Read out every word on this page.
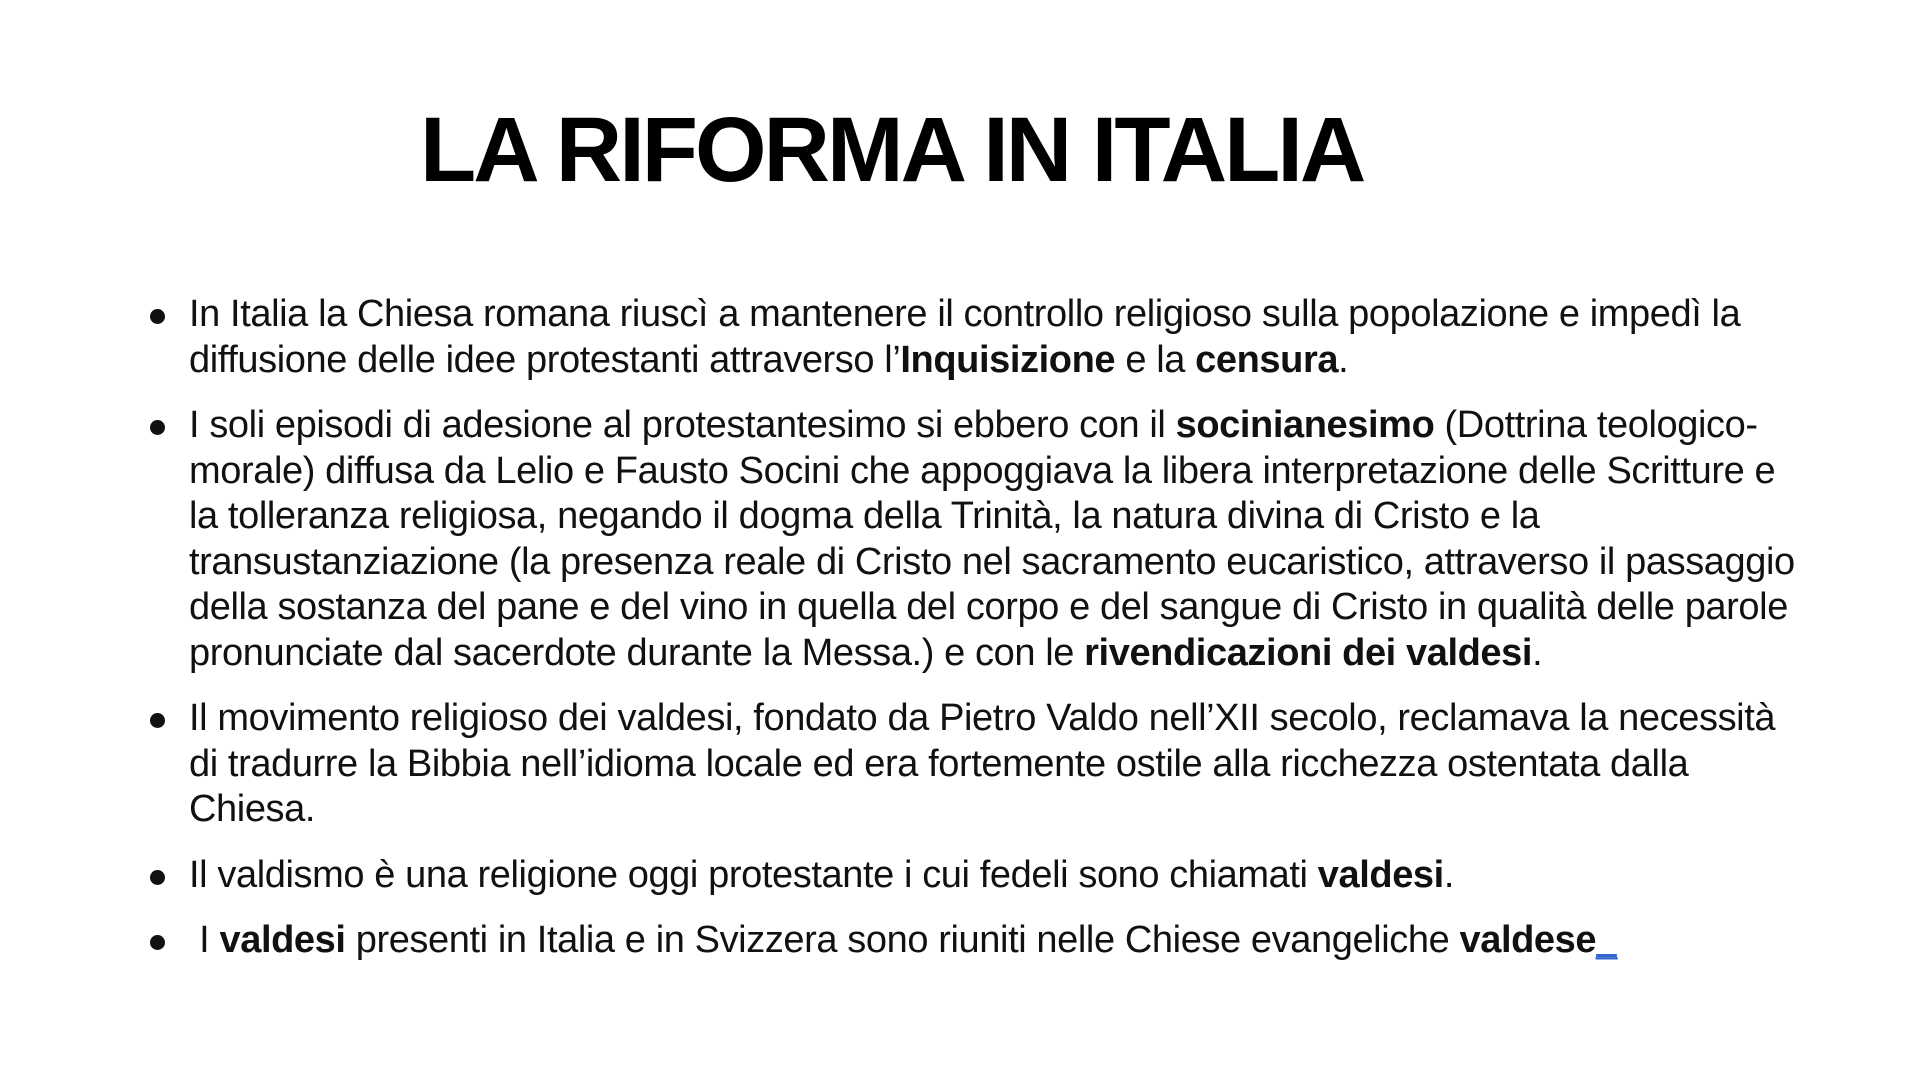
LA RIFORMA IN ITALIA
In Italia la Chiesa romana riuscì a mantenere il controllo religioso sulla popolazione e impedì la diffusione delle idee protestanti attraverso l’Inquisizione e la censura.
I soli episodi di adesione al protestantesimo si ebbero con il socinianesimo (Dottrina teologico-morale) diffusa da Lelio e Fausto Socini che appoggiava la libera interpretazione delle Scritture e la tolleranza religiosa, negando il dogma della Trinità, la natura divina di Cristo e la transustanziazione (la presenza reale di Cristo nel sacramento eucaristico, attraverso il passaggio della sostanza del pane e del vino in quella del corpo e del sangue di Cristo in qualità delle parole pronunciate dal sacerdote durante la Messa.) e con le rivendicazioni dei valdesi.
Il movimento religioso dei valdesi, fondato da Pietro Valdo nell’XII secolo, reclamava la necessità di tradurre la Bibbia nell’idioma locale ed era fortemente ostile alla ricchezza ostentata dalla Chiesa.
Il valdismo è una religione oggi protestante i cui fedeli sono chiamati valdesi.
I valdesi presenti in Italia e in Svizzera sono riuniti nelle Chiese evangeliche valdese_
